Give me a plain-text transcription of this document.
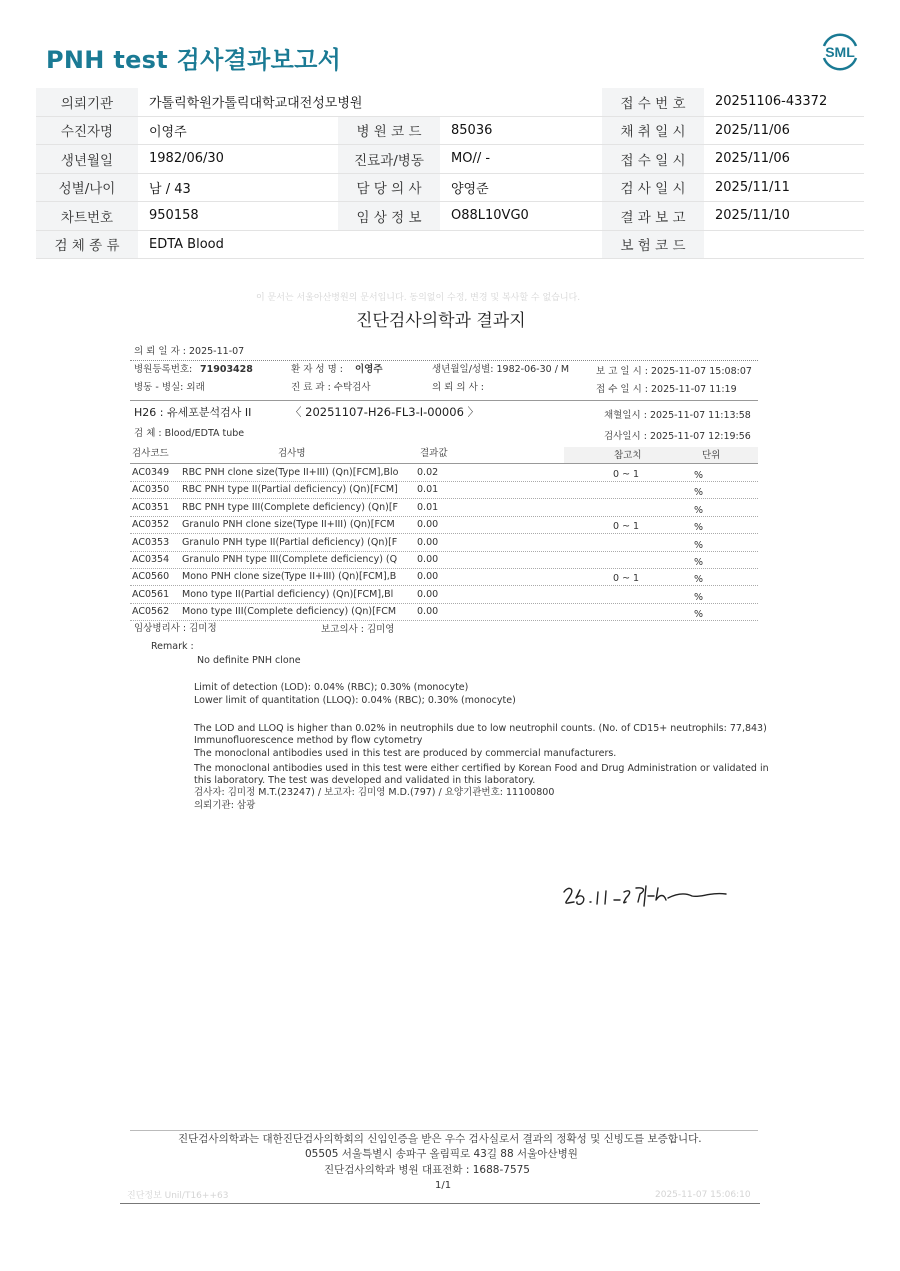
PNH test 검사결과보고서	SML
의뢰기관	가톨릭학원가톨릭대학교대전성모병원			접 수 번 호	20251106-43372
수진자명	이영주	병 원 코 드	85036	채 취 일 시	2025/11/06
생년월일	1982/06/30	진료과/병동	MO// -	접 수 일 시	2025/11/06
성별/나이	남 / 43	담 당 의 사	양영준	검 사 일 시	2025/11/11
차트번호	950158	임 상 정 보	O88L10VG0	결 과 보 고	2025/11/10
검 체 종 류	EDTA Blood			보 험 코 드	
이 문서는 서울아산병원의 문서입니다. 동의없이 수정, 변경 및 복사할 수 없습니다.
진단검사의학과 결과지
의 뢰 일 자 : 2025-11-07
병원등록번호: 71903428	환 자 성 명 : 이영주	생년월일/성별: 1982-06-30 / M	보 고 일 시 : 2025-11-07 15:08:07
병동 - 병실: 외래	진 료 과 : 수탁검사	의 뢰 의 사 :	접 수 일 시 : 2025-11-07 11:19
H26 : 유세포분석검사 II	〈 20251107-H26-FL3-I-00006 〉	채혈일시 : 2025-11-07 11:13:58
검 체 : Blood/EDTA tube	검사일시 : 2025-11-07 12:19:56
검사코드	검사명	결과값	참고치	단위
AC0349 RBC PNH clone size(Type II+III) (Qn)[FCM],Blo 0.02	0 ~ 1	%
AC0350 RBC PNH type II(Partial deficiency) (Qn)[FCM] 0.01	%
AC0351 RBC PNH type III(Complete deficiency) (Qn)[F 0.01	%
AC0352 Granulo PNH clone size(Type II+III) (Qn)[FCM 0.00	0 ~ 1	%
AC0353 Granulo PNH type II(Partial deficiency) (Qn)[F 0.00	%
AC0354 Granulo PNH type III(Complete deficiency) (Q 0.00	%
AC0560 Mono PNH clone size(Type II+III) (Qn)[FCM],B 0.00	0 ~ 1	%
AC0561 Mono type II(Partial deficiency) (Qn)[FCM],Bl	0.00	%
AC0562 Mono type III(Complete deficiency) (Qn)[FCM 0.00	%
임상병리사 : 김미정	보고의사 : 김미영
Remark :
No definite PNH clone
Limit of detection (LOD): 0.04% (RBC); 0.30% (monocyte)
Lower limit of quantitation (LLOQ): 0.04% (RBC); 0.30% (monocyte)
The LOD and LLOQ is higher than 0.02% in neutrophils due to low neutrophil counts. (No. of CD15+ neutrophils: 77,843)
Immunofluorescence method by flow cytometry
The monoclonal antibodies used in this test are produced by commercial manufacturers.
The monoclonal antibodies used in this test were either certified by Korean Food and Drug Administration or validated in
this laboratory. The test was developed and validated in this laboratory.
검사자: 김미정 M.T.(23247) / 보고자: 김미영 M.D.(797) / 요양기관번호: 11100800
의뢰기관: 삼광
진단검사의학과는 대한진단검사의학회의 신임인증을 받은 우수 검사실로서 결과의 정확성 및 신빙도를 보증합니다.
05505 서울특별시 송파구 올림픽로 43길 88 서울아산병원
진단검사의학과 병원 대표전화 : 1688-7575
1/1
진단정보 Unil/T16++63	2025-11-07 15:06:10
